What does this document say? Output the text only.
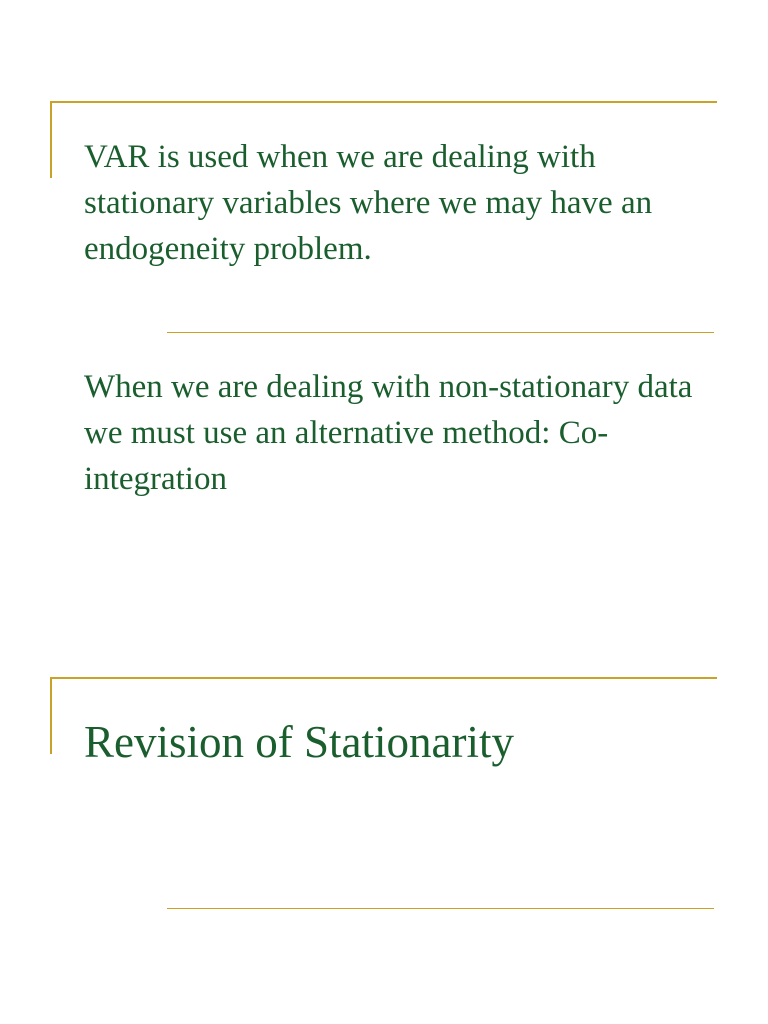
VAR is used when we are dealing with stationary variables where we may have an endogeneity problem.

When we are dealing with non-stationary data we must use an alternative method: Co-integration

Revision of Stationarity
